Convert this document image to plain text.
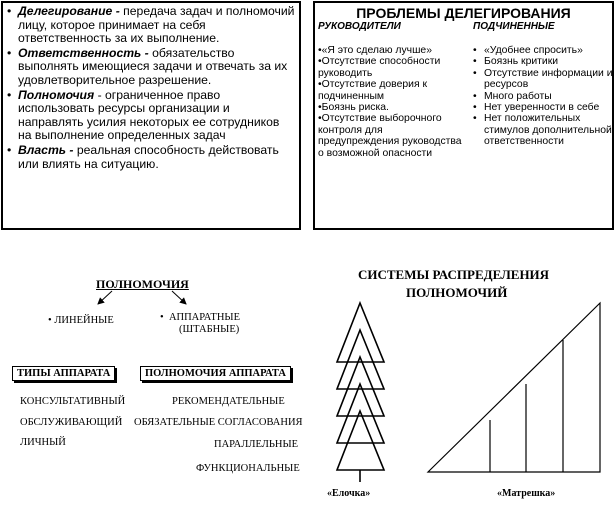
• Делегирование - передача задач и полномочий лицу, которое принимает на себя ответственность за их выполнение.
• Ответственность - обязательство выполнять имеющиеся задачи и отвечать за их удовлетворительное разрешение.
• Полномочия - ограниченное право использовать ресурсы организации и направлять усилия некоторых ее сотрудников на выполнение определенных задач
• Власть - реальная способность действовать или влиять на ситуацию.
ПРОБЛЕМЫ ДЕЛЕГИРОВАНИЯ
РУКОВОДИТЕЛИ	ПОДЧИНЕННЫЕ
•«Я это сделаю лучше»
•Отсутствие способности руководить
•Отсутствие доверия к подчиненным
•Боязнь риска.
•Отсутствие выборочного контроля для предупреждения руководства о возможной опасности
• «Удобнее спросить»
• Боязнь критики
• Отсутствие информации и ресурсов
• Много работы
• Нет уверенности в себе
• Нет положительных стимулов дополнительной ответственности
ПОЛНОМОЧИЯ
• ЛИНЕЙНЫЕ	•  АППАРАТНЫЕ
(ШТАБНЫЕ)
ТИПЫ АППАРАТА	ПОЛНОМОЧИЯ АППАРАТА
КОНСУЛЬТАТИВНЫЙ
ОБСЛУЖИВАЮЩИЙ
ЛИЧНЫЙ
РЕКОМЕНДАТЕЛЬНЫЕ
ОБЯЗАТЕЛЬНЫЕ СОГЛАСОВАНИЯ
ПАРАЛЛЕЛЬНЫЕ
ФУНКЦИОНАЛЬНЫЕ
СИСТЕМЫ РАСПРЕДЕЛЕНИЯ
ПОЛНОМОЧИЙ
«Елочка»	«Матрешка»
